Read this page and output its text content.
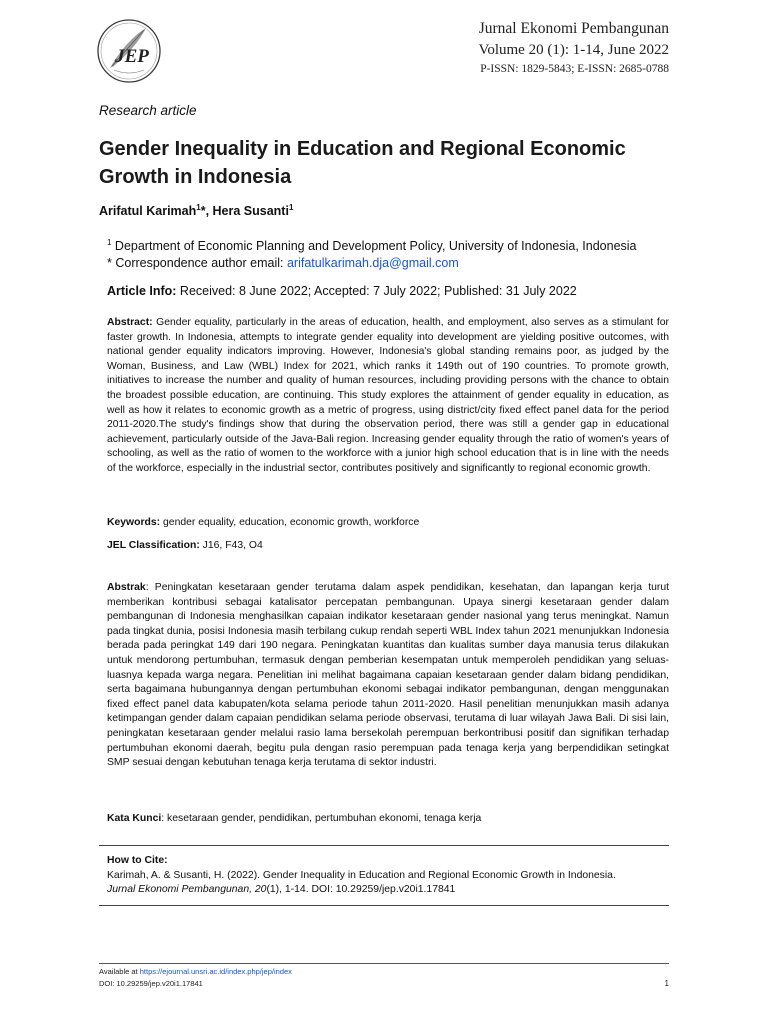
JEP
Jurnal Ekonomi Pembangunan
Volume 20 (1): 1-14, June 2022
P-ISSN: 1829-5843; E-ISSN: 2685-0788
Research article
Gender Inequality in Education and Regional Economic Growth in Indonesia
Arifatul Karimah$^1$*, Hera Susanti$^1$
$^1$ Department of Economic Planning and Development Policy, University of Indonesia, Indonesia
* Correspondence author email: arifatulkarimah.dja@gmail.com
Article Info: Received: 8 June 2022; Accepted: 7 July 2022; Published: 31 July 2022
Abstract: Gender equality, particularly in the areas of education, health, and employment, also serves as a stimulant for faster growth. In Indonesia, attempts to integrate gender equality into development are yielding positive outcomes, with national gender equality indicators improving. However, Indonesia's global standing remains poor, as judged by the Woman, Business, and Law (WBL) Index for 2021, which ranks it 149th out of 190 countries. To promote growth, initiatives to increase the number and quality of human resources, including providing persons with the chance to obtain the broadest possible education, are continuing. This study explores the attainment of gender equality in education, as well as how it relates to economic growth as a metric of progress, using district/city fixed effect panel data for the period 2011-2020.The study's findings show that during the observation period, there was still a gender gap in educational achievement, particularly outside of the Java-Bali region. Increasing gender equality through the ratio of women's years of schooling, as well as the ratio of women to the workforce with a junior high school education that is in line with the needs of the workforce, especially in the industrial sector, contributes positively and significantly to regional economic growth.
Keywords: gender equality, education, economic growth, workforce
JEL Classification: J16, F43, O4
Abstrak: Peningkatan kesetaraan gender terutama dalam aspek pendidikan, kesehatan, dan lapangan kerja turut memberikan kontribusi sebagai katalisator percepatan pembangunan. Upaya sinergi kesetaraan gender dalam pembangunan di Indonesia menghasilkan capaian indikator kesetaraan gender nasional yang terus meningkat. Namun pada tingkat dunia, posisi Indonesia masih terbilang cukup rendah seperti WBL Index tahun 2021 menunjukkan Indonesia berada pada peringkat 149 dari 190 negara. Peningkatan kuantitas dan kualitas sumber daya manusia terus dilakukan untuk mendorong pertumbuhan, termasuk dengan pemberian kesempatan untuk memperoleh pendidikan yang seluas-luasnya kepada warga negara. Penelitian ini melihat bagaimana capaian kesetaraan gender dalam bidang pendidikan, serta bagaimana hubungannya dengan pertumbuhan ekonomi sebagai indikator pembangunan, dengan menggunakan fixed effect panel data kabupaten/kota selama periode tahun 2011-2020. Hasil penelitian menunjukkan masih adanya ketimpangan gender dalam capaian pendidikan selama periode observasi, terutama di luar wilayah Jawa Bali. Di sisi lain, peningkatan kesetaraan gender melalui rasio lama bersekolah perempuan berkontribusi positif dan signifikan terhadap pertumbuhan ekonomi daerah, begitu pula dengan rasio perempuan pada tenaga kerja yang berpendidikan setingkat SMP sesuai dengan kebutuhan tenaga kerja terutama di sektor industri.
Kata Kunci: kesetaraan gender, pendidikan, pertumbuhan ekonomi, tenaga kerja
How to Cite:
Karimah, A. & Susanti, H. (2022). Gender Inequality in Education and Regional Economic Growth in Indonesia.
Jurnal Ekonomi Pembangunan, 20(1), 1-14. DOI: 10.29259/jep.v20i1.17841
Available at https://ejournal.unsri.ac.id/index.php/jep/index
DOI: 10.29259/jep.v20i1.17841	1
